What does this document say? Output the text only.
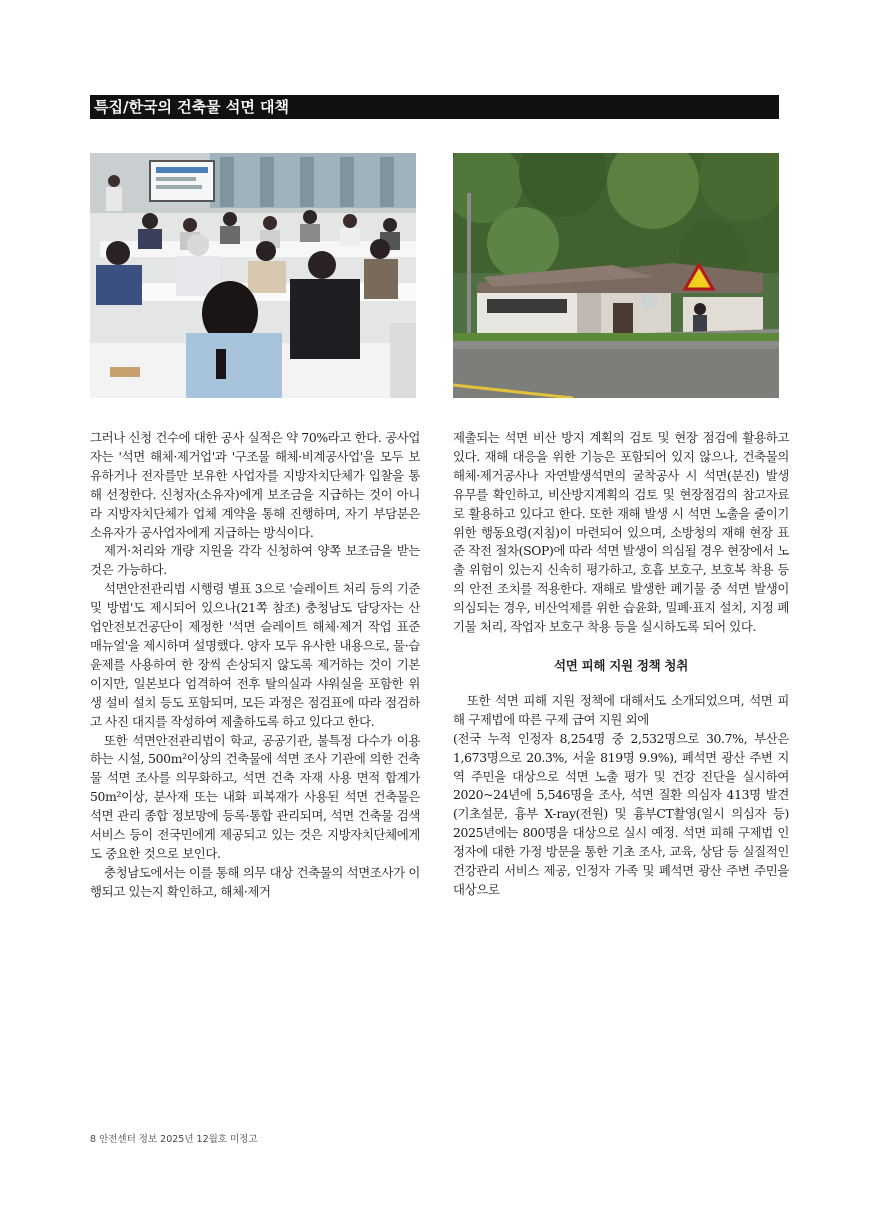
특집/한국의 건축물 석면 대책

그러나 신청 건수에 대한 공사 실적은 약 70%라고 한다. 공사업자는 '석면 해체·제거업'과 '구조물 해체·비계공사업'을 모두 보유하거나 전자를만 보유한 사업자를 지방자치단체가 입찰을 통해 선정한다. 신청자(소유자)에게 보조금을 지급하는 것이 아니라 지방자치단체가 업체 계약을 통해 진행하며, 자기 부담분은 소유자가 공사업자에게 지급하는 방식이다.

제거·처리와 개량 지원을 각각 신청하여 양쪽 보조금을 받는 것은 가능하다.

석면안전관리법 시행령 별표 3으로 '슬레이트 처리 등의 기준 및 방법'도 제시되어 있으나(21쪽 참조) 충청남도 담당자는 산업안전보건공단이 제정한 '석면 슬레이트 해체·제거 작업 표준 매뉴얼'을 제시하며 설명했다. 양자 모두 유사한 내용으로, 물·습윤제를 사용하여 한 장씩 손상되지 않도록 제거하는 것이 기본이지만, 일본보다 엄격하여 전후 탈의실과 샤워실을 포함한 위생 설비 설치 등도 포함되며, 모든 과정은 점검표에 따라 점검하고 사진 대지를 작성하여 제출하도록 하고 있다고 한다.

또한 석면안전관리법이 학교, 공공기관, 불특정 다수가 이용하는 시설, 500m²이상의 건축물에 석면 조사 기관에 의한 건축물 석면 조사를 의무화하고, 석면 건축 자재 사용 면적 합계가 50m²이상, 분사재 또는 내화 피복재가 사용된 석면 건축물은 석면 관리 종합 정보망에 등록·통합 관리되며, 석면 건축물 검색 서비스 등이 전국민에게 제공되고 있는 것은 지방자치단체에게도 중요한 것으로 보인다.

충청남도에서는 이를 통해 의무 대상 건축물의 석면조사가 이행되고 있는지 확인하고, 해체·제거

제출되는 석면 비산 방지 계획의 검토 및 현장 점검에 활용하고 있다. 재해 대응을 위한 기능은 포함되어 있지 않으나, 건축물의 해체·제거공사나 자연발생석면의 굴착공사 시 석면(분진) 발생 유무를 확인하고, 비산방지계획의 검토 및 현장점검의 참고자료로 활용하고 있다고 한다. 또한 재해 발생 시 석면 노출을 줄이기 위한 행동요령(지침)이 마련되어 있으며, 소방청의 재해 현장 표준 작전 절차(SOP)에 따라 석면 발생이 의심될 경우 현장에서 노출 위험이 있는지 신속히 평가하고, 호흡 보호구, 보호복 착용 등의 안전 조치를 적용한다. 재해로 발생한 폐기물 중 석면 발생이 의심되는 경우, 비산억제를 위한 습윤화, 밀폐·표지 설치, 지정 폐기물 처리, 작업자 보호구 착용 등을 실시하도록 되어 있다.

석면 피해 지원 정책 청취

또한 석면 피해 지원 정책에 대해서도 소개되었으며, 석면 피해 구제법에 따른 구제 급여 지원 외에

(전국 누적 인정자 8,254명 중 2,532명으로 30.7%, 부산은 1,673명으로 20.3%, 서울 819명 9.9%), 폐석면 광산 주변 지역 주민을 대상으로 석면 노출 평가 및 건강 진단을 실시하여 2020~24년에 5,546명을 조사, 석면 질환 의심자 413명 발견(기초설문, 흉부 X-ray(전원) 및 흉부CT촬영(일시 의심자 등) 2025년에는 800명을 대상으로 실시 예정. 석면 피해 구제법 인정자에 대한 가정 방문을 통한 기초 조사, 교육, 상담 등 실질적인 건강관리 서비스 제공, 인정자 가족 및 폐석면 광산 주변 주민을 대상으로

8 안전센터 정보 2025년 12월호 미정고
